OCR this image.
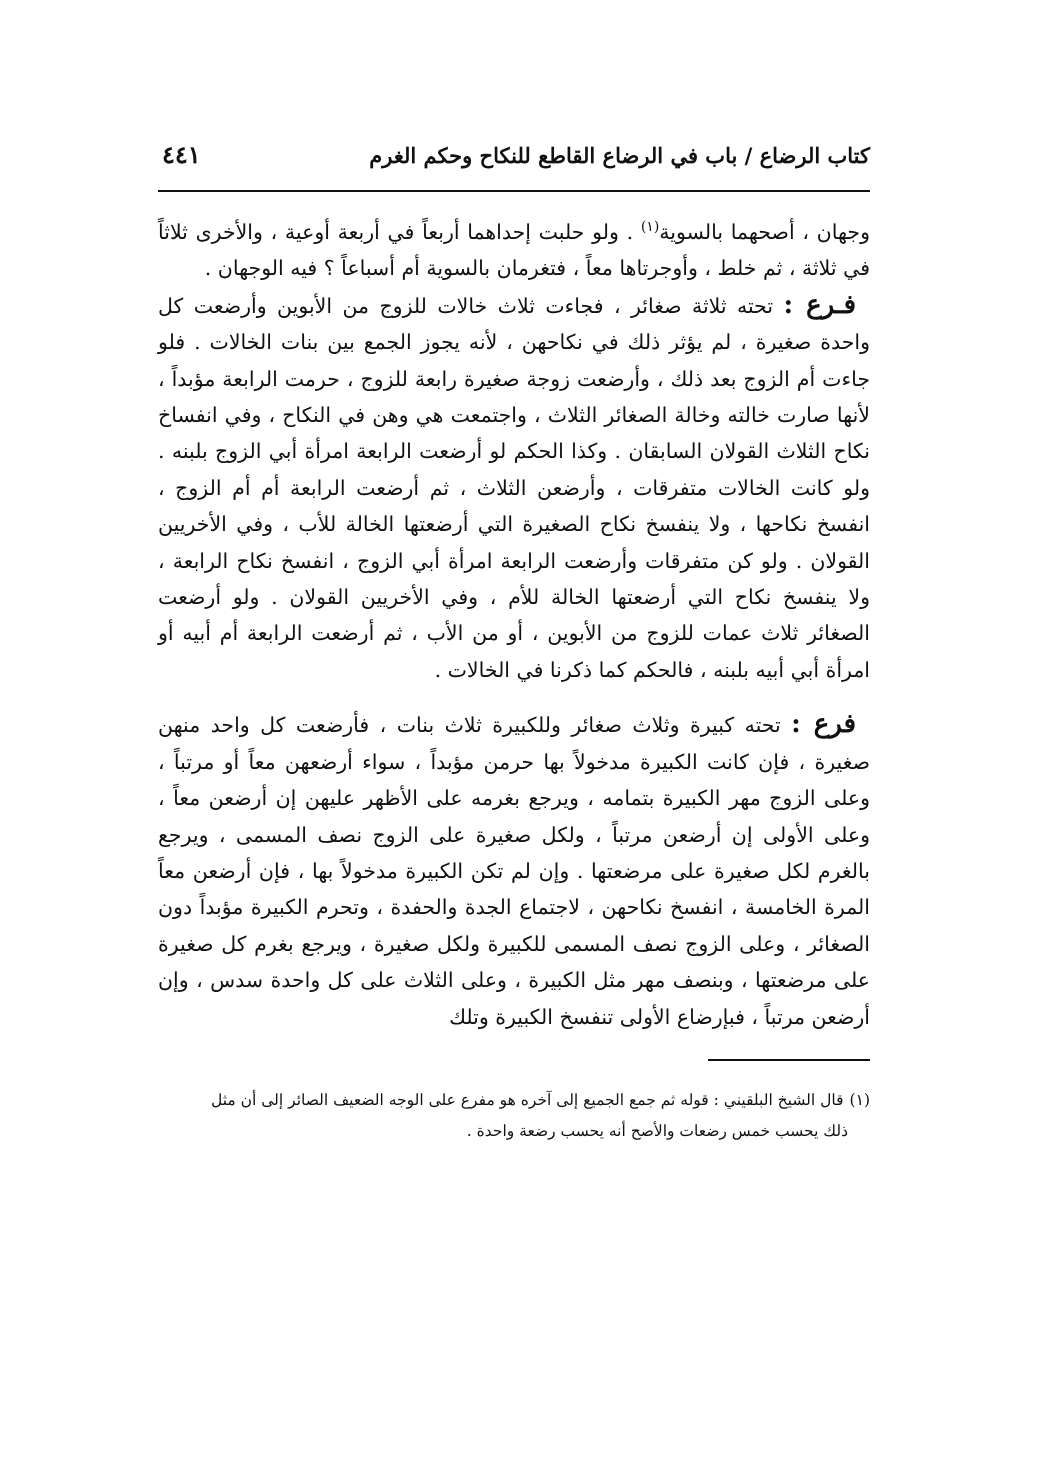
كتاب الرضاع / باب في الرضاع القاطع للنكاح وحكم الغرم
٤٤١

وجهان ، أصحهما بالسوية$^{(١)}$ . ولو حلبت إحداهما أربعاً في أربعة أوعية ، والأخرى ثلاثاً في ثلاثة ، ثم خلط ، وأوجرتاها معاً ، فتغرمان بالسوية أم أسباعاً ؟ فيه الوجهان .

فـرع : تحته ثلاثة صغائر ، فجاءت ثلاث خالات للزوج من الأبوين وأرضعت كل واحدة صغيرة ، لم يؤثر ذلك في نكاحهن ، لأنه يجوز الجمع بين بنات الخالات . فلو جاءت أم الزوج بعد ذلك ، وأرضعت زوجة صغيرة رابعة للزوج ، حرمت الرابعة مؤبداً ، لأنها صارت خالته وخالة الصغائر الثلاث ، واجتمعت هي وهن في النكاح ، وفي انفساخ نكاح الثلاث القولان السابقان . وكذا الحكم لو أرضعت الرابعة امرأة أبي الزوج بلبنه . ولو كانت الخالات متفرقات ، وأرضعن الثلاث ، ثم أرضعت الرابعة أم أم الزوج ، انفسخ نكاحها ، ولا ينفسخ نكاح الصغيرة التي أرضعتها الخالة للأب ، وفي الأخريين القولان . ولو كن متفرقات وأرضعت الرابعة امرأة أبي الزوج ، انفسخ نكاح الرابعة ، ولا ينفسخ نكاح التي أرضعتها الخالة للأم ، وفي الأخريين القولان . ولو أرضعت الصغائر ثلاث عمات للزوج من الأبوين ، أو من الأب ، ثم أرضعت الرابعة أم أبيه أو امرأة أبي أبيه بلبنه ، فالحكم كما ذكرنا في الخالات .

فرع : تحته كبيرة وثلاث صغائر وللكبيرة ثلاث بنات ، فأرضعت كل واحد منهن صغيرة ، فإن كانت الكبيرة مدخولاً بها حرمن مؤبداً ، سواء أرضعهن معاً أو مرتباً ، وعلى الزوج مهر الكبيرة بتمامه ، ويرجع بغرمه على الأظهر عليهن إن أرضعن معاً ، وعلى الأولى إن أرضعن مرتباً ، ولكل صغيرة على الزوج نصف المسمى ، ويرجع بالغرم لكل صغيرة على مرضعتها . وإن لم تكن الكبيرة مدخولاً بها ، فإن أرضعن معاً المرة الخامسة ، انفسخ نكاحهن ، لاجتماع الجدة والحفدة ، وتحرم الكبيرة مؤبداً دون الصغائر ، وعلى الزوج نصف المسمى للكبيرة ولكل صغيرة ، ويرجع بغرم كل صغيرة على مرضعتها ، وبنصف مهر مثل الكبيرة ، وعلى الثلاث على كل واحدة سدس ، وإن أرضعن مرتباً ، فبإرضاع الأولى تنفسخ الكبيرة وتلك

(١)قال الشيخ البلقيني : قوله ثم جمع الجميع إلى آخره هو مفرع على الوجه الضعيف الصائر إلى أن مثل

ذلك يحسب خمس رضعات والأصح أنه يحسب رضعة واحدة .
